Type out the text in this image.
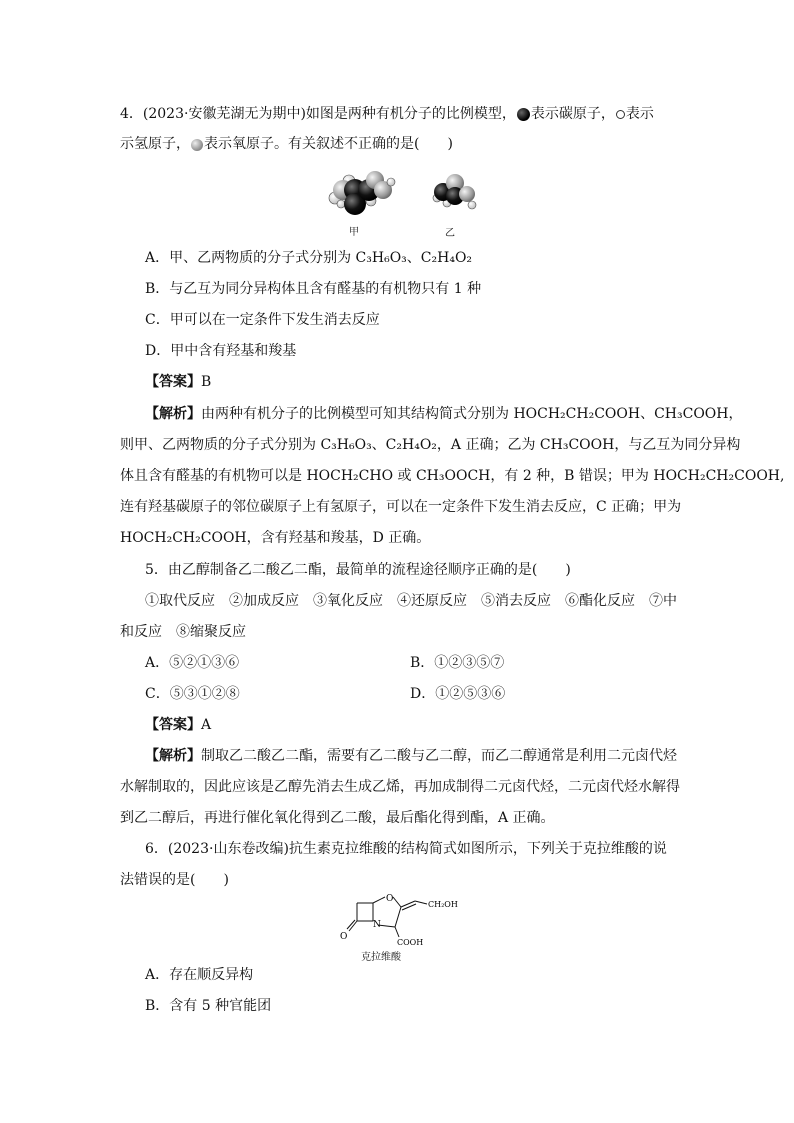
4．(2023·安徽芜湖无为期中)如图是两种有机分子的比例模型， 表示碳原子， 表示
示氢原子， 表示氧原子。有关叙述不正确的是(　　)
甲	乙
A．甲、乙两物质的分子式分别为 C₃H₆O₃、C₂H₄O₂
B．与乙互为同分异构体且含有醛基的有机物只有 1 种
C．甲可以在一定条件下发生消去反应
D．甲中含有羟基和羧基
【答案】B
【解析】由两种有机分子的比例模型可知其结构简式分别为 HOCH₂CH₂COOH、CH₃COOH，
则甲、乙两物质的分子式分别为 C₃H₆O₃、C₂H₄O₂，A 正确；乙为 CH₃COOH，与乙互为同分异构
体且含有醛基的有机物可以是 HOCH₂CHO 或 CH₃OOCH，有 2 种，B 错误；甲为 HOCH₂CH₂COOH,
连有羟基碳原子的邻位碳原子上有氢原子，可以在一定条件下发生消去反应，C 正确；甲为
HOCH₂CH₂COOH，含有羟基和羧基，D 正确。
5．由乙醇制备乙二酸乙二酯，最简单的流程途径顺序正确的是(　　)
①取代反应　②加成反应　③氧化反应　④还原反应　⑤消去反应　⑥酯化反应　⑦中
和反应　⑧缩聚反应
A．⑤②①③⑥	B．①②③⑤⑦
C．⑤③①②⑧	D．①②⑤③⑥
【答案】A
【解析】制取乙二酸乙二酯，需要有乙二酸与乙二醇，而乙二醇通常是利用二元卤代烃
水解制取的，因此应该是乙醇先消去生成乙烯，再加成制得二元卤代烃，二元卤代烃水解得
到乙二醇后，再进行催化氧化得到乙二酸，最后酯化得到酯，A 正确。
6．(2023·山东卷改编)抗生素克拉维酸的结构简式如图所示，下列关于克拉维酸的说
法错误的是(　　)
O
N
O
CH₂OH
COOH
克拉维酸
A．存在顺反异构
B．含有 5 种官能团
